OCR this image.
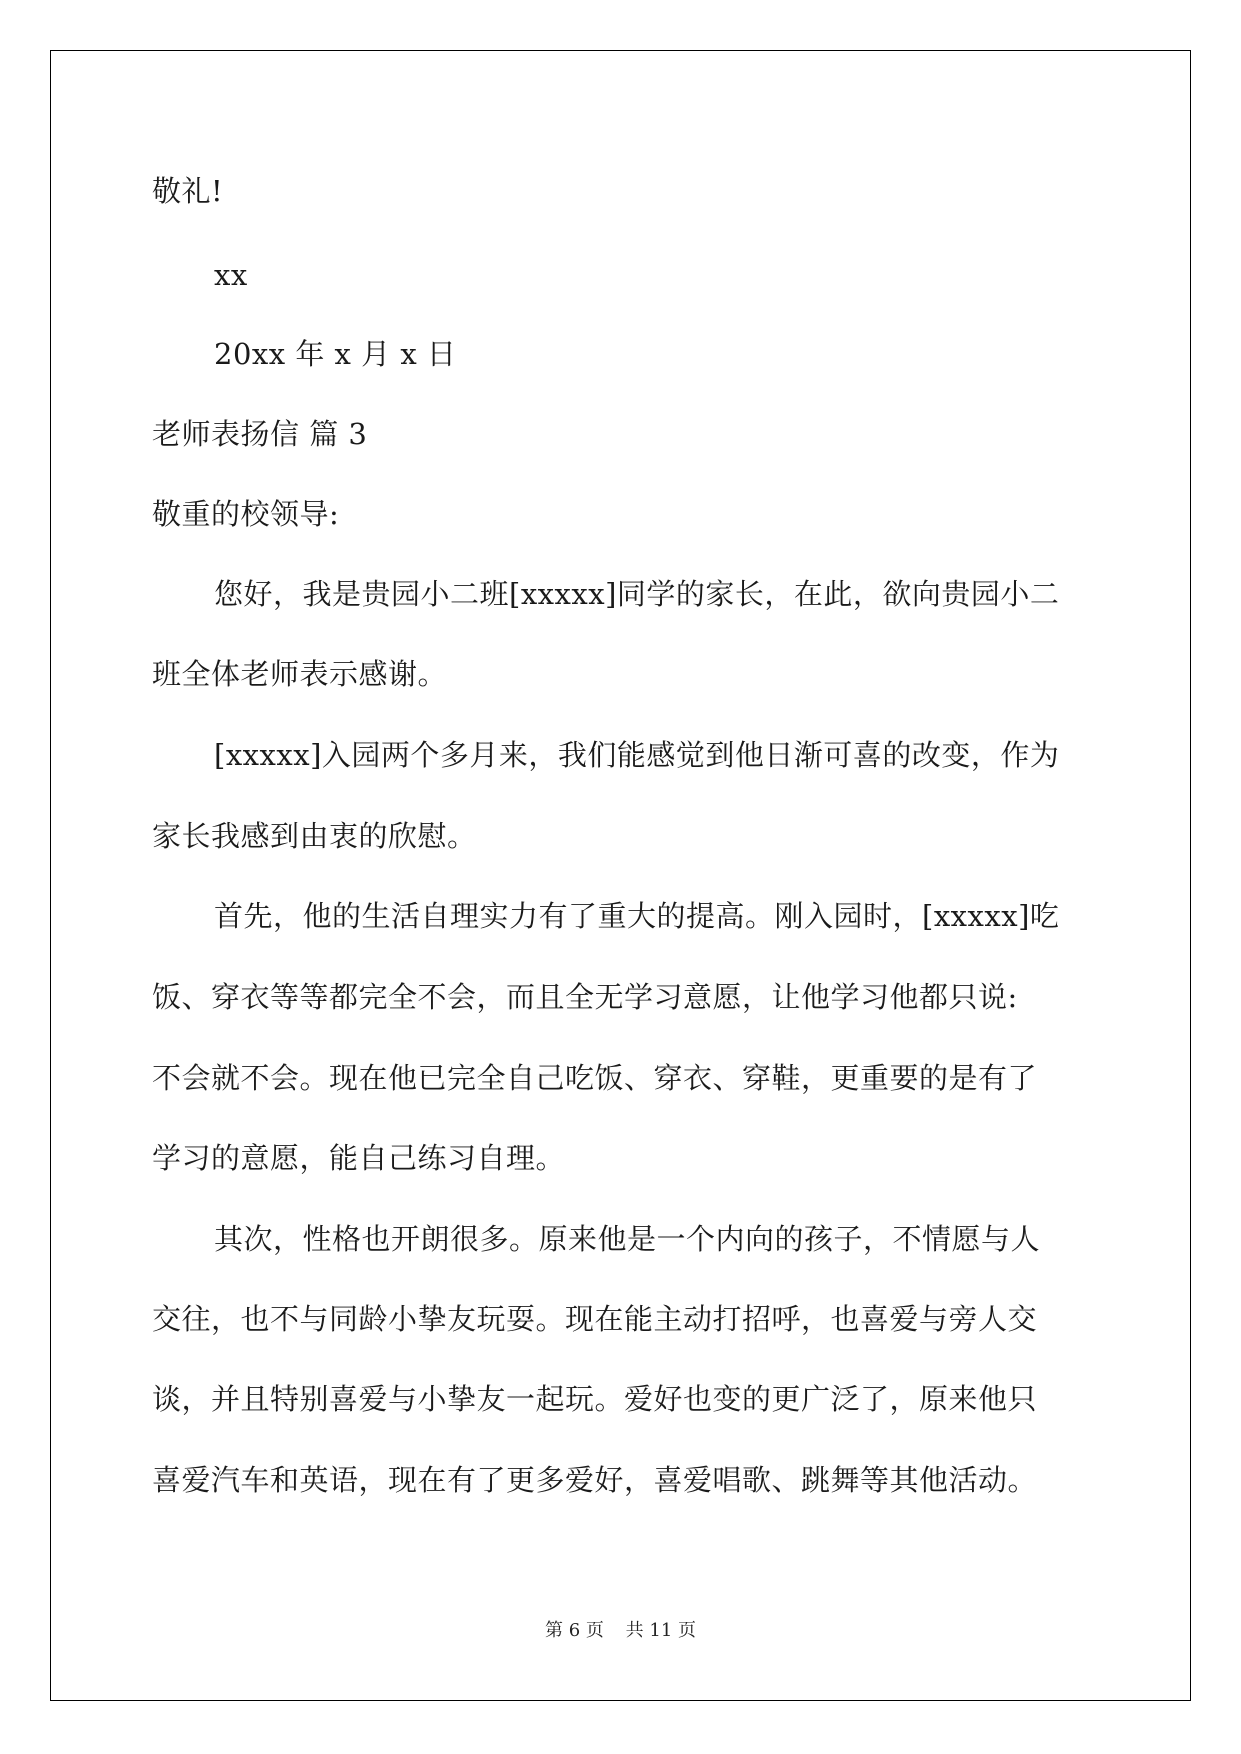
敬礼!
xx
20xx 年 x 月 x 日
老师表扬信 篇 3
敬重的校领导:
您好，我是贵园小二班[xxxxx]同学的家长，在此，欲向贵园小二
班全体老师表示感谢。
[xxxxx]入园两个多月来，我们能感觉到他日渐可喜的改变，作为
家长我感到由衷的欣慰。
首先，他的生活自理实力有了重大的提高。刚入园时，[xxxxx]吃
饭、穿衣等等都完全不会，而且全无学习意愿，让他学习他都只说:
不会就不会。现在他已完全自己吃饭、穿衣、穿鞋，更重要的是有了
学习的意愿，能自己练习自理。
其次，性格也开朗很多。原来他是一个内向的孩子，不情愿与人
交往，也不与同龄小挚友玩耍。现在能主动打招呼，也喜爱与旁人交
谈，并且特别喜爱与小挚友一起玩。爱好也变的更广泛了，原来他只
喜爱汽车和英语，现在有了更多爱好，喜爱唱歌、跳舞等其他活动。
第 6 页 共 11 页
